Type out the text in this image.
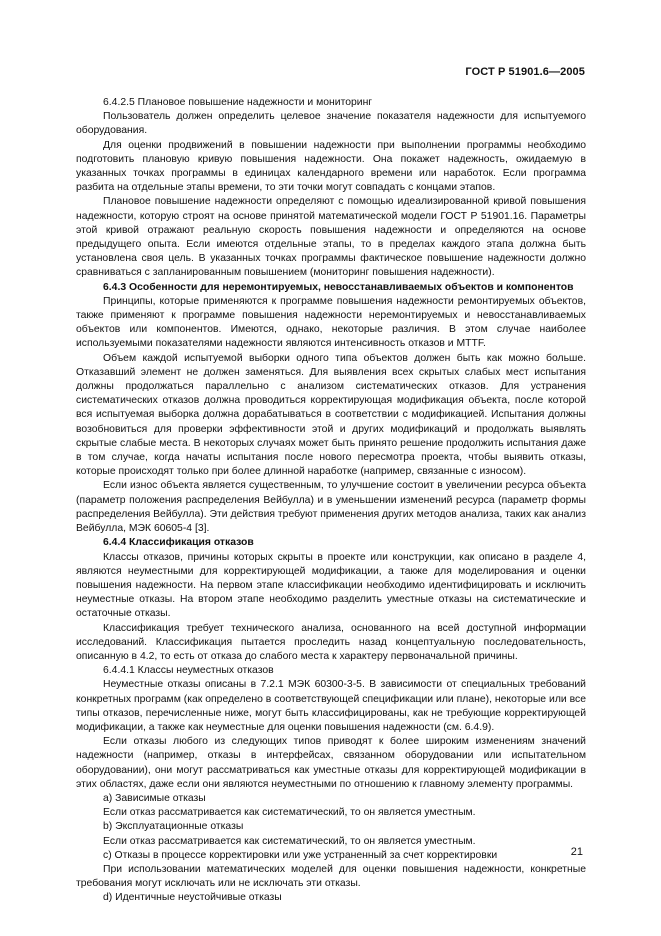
ГОСТ Р 51901.6—2005

6.4.2.5 Плановое повышение надежности и мониторинг

Пользователь должен определить целевое значение показателя надежности для испытуемого оборудования.

Для оценки продвижений в повышении надежности при выполнении программы необходимо подготовить плановую кривую повышения надежности. Она покажет надежность, ожидаемую в указанных точках программы в единицах календарного времени или наработок. Если программа разбита на отдельные этапы времени, то эти точки могут совпадать с концами этапов.

Плановое повышение надежности определяют с помощью идеализированной кривой повышения надежности, которую строят на основе принятой математической модели ГОСТ Р 51901.16. Параметры этой кривой отражают реальную скорость повышения надежности и определяются на основе предыдущего опыта. Если имеются отдельные этапы, то в пределах каждого этапа должна быть установлена своя цель. В указанных точках программы фактическое повышение надежности должно сравниваться с запланированным повышением (мониторинг повышения надежности).

6.4.3 Особенности для неремонтируемых, невосстанавливаемых объектов и компонентов

Принципы, которые применяются к программе повышения надежности ремонтируемых объектов, также применяют к программе повышения надежности неремонтируемых и невосстанавливаемых объектов или компонентов. Имеются, однако, некоторые различия. В этом случае наиболее используемыми показателями надежности являются интенсивность отказов и MTTF.

Объем каждой испытуемой выборки одного типа объектов должен быть как можно больше. Отказавший элемент не должен заменяться. Для выявления всех скрытых слабых мест испытания должны продолжаться параллельно с анализом систематических отказов. Для устранения систематических отказов должна проводиться корректирующая модификация объекта, после которой вся испытуемая выборка должна дорабатываться в соответствии с модификацией. Испытания должны возобновиться для проверки эффективности этой и других модификаций и продолжать выявлять скрытые слабые места. В некоторых случаях может быть принято решение продолжить испытания даже в том случае, когда начаты испытания после нового пересмотра проекта, чтобы выявить отказы, которые происходят только при более длинной наработке (например, связанные с износом).

Если износ объекта является существенным, то улучшение состоит в увеличении ресурса объекта (параметр положения распределения Вейбулла) и в уменьшении изменений ресурса (параметр формы распределения Вейбулла). Эти действия требуют применения других методов анализа, таких как анализ Вейбулла, МЭК 60605-4 [3].

6.4.4 Классификация отказов

Классы отказов, причины которых скрыты в проекте или конструкции, как описано в разделе 4, являются неуместными для корректирующей модификации, а также для моделирования и оценки повышения надежности. На первом этапе классификации необходимо идентифицировать и исключить неуместные отказы. На втором этапе необходимо разделить уместные отказы на систематические и остаточные отказы.

Классификация требует технического анализа, основанного на всей доступной информации исследований. Классификация пытается проследить назад концептуальную последовательность, описанную в 4.2, то есть от отказа до слабого места к характеру первоначальной причины.

6.4.4.1 Классы неуместных отказов

Неуместные отказы описаны в 7.2.1 МЭК 60300-3-5. В зависимости от специальных требований конкретных программ (как определено в соответствующей спецификации или плане), некоторые или все типы отказов, перечисленные ниже, могут быть классифицированы, как не требующие корректирующей модификации, а также как неуместные для оценки повышения надежности (см. 6.4.9).

Если отказы любого из следующих типов приводят к более широким изменениям значений надежности (например, отказы в интерфейсах, связанном оборудовании или испытательном оборудовании), они могут рассматриваться как уместные отказы для корректирующей модификации в этих областях, даже если они являются неуместными по отношению к главному элементу программы.

a) Зависимые отказы

Если отказ рассматривается как систематический, то он является уместным.

b) Эксплуатационные отказы

Если отказ рассматривается как систематический, то он является уместным.

c) Отказы в процессе корректировки или уже устраненный за счет корректировки

При использовании математических моделей для оценки повышения надежности, конкретные требования могут исключать или не исключать эти отказы.

d) Идентичные неустойчивые отказы

21
